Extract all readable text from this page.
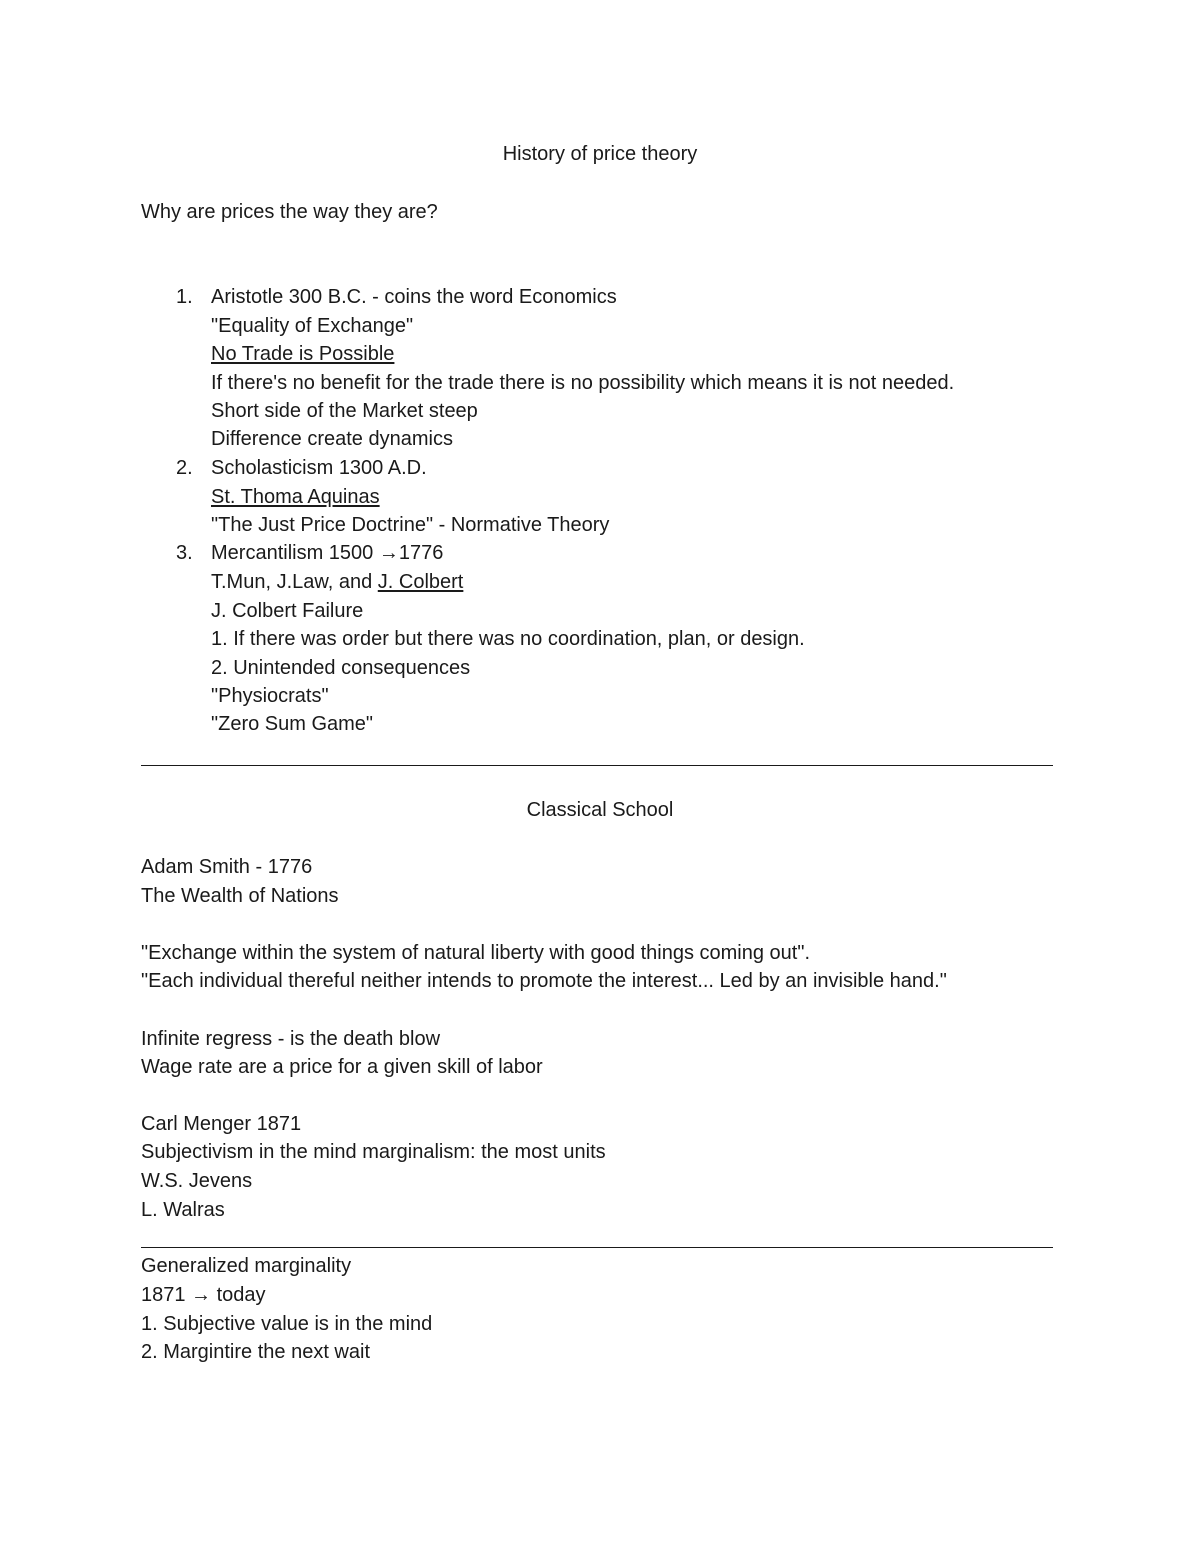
History of price theory

Why are prices the way they are?

1. Aristotle 300 B.C. - coins the word Economics

"Equality of Exchange"

No Trade is Possible

If there's no benefit for the trade there is no possibility which means it is not needed.

Short side of the Market steep

Difference create dynamics

2. Scholasticism 1300 A.D.

St. Thoma Aquinas

"The Just Price Doctrine" - Normative Theory

3. Mercantilism 1500 →1776

T.Mun, J.Law, and J. Colbert

J. Colbert Failure

1. If there was order but there was no coordination, plan, or design.

2. Unintended consequences

"Physiocrats"

"Zero Sum Game"

Classical School

Adam Smith - 1776

The Wealth of Nations

"Exchange within the system of natural liberty with good things coming out".

"Each individual thereful neither intends to promote the interest... Led by an invisible hand."

Infinite regress - is the death blow

Wage rate are a price for a given skill of labor

Carl Menger 1871

Subjectivism in the mind marginalism: the most units

W.S. Jevens

L. Walras

Generalized marginality

1871 → today

1. Subjective value is in the mind

2. Margintire the next wait
